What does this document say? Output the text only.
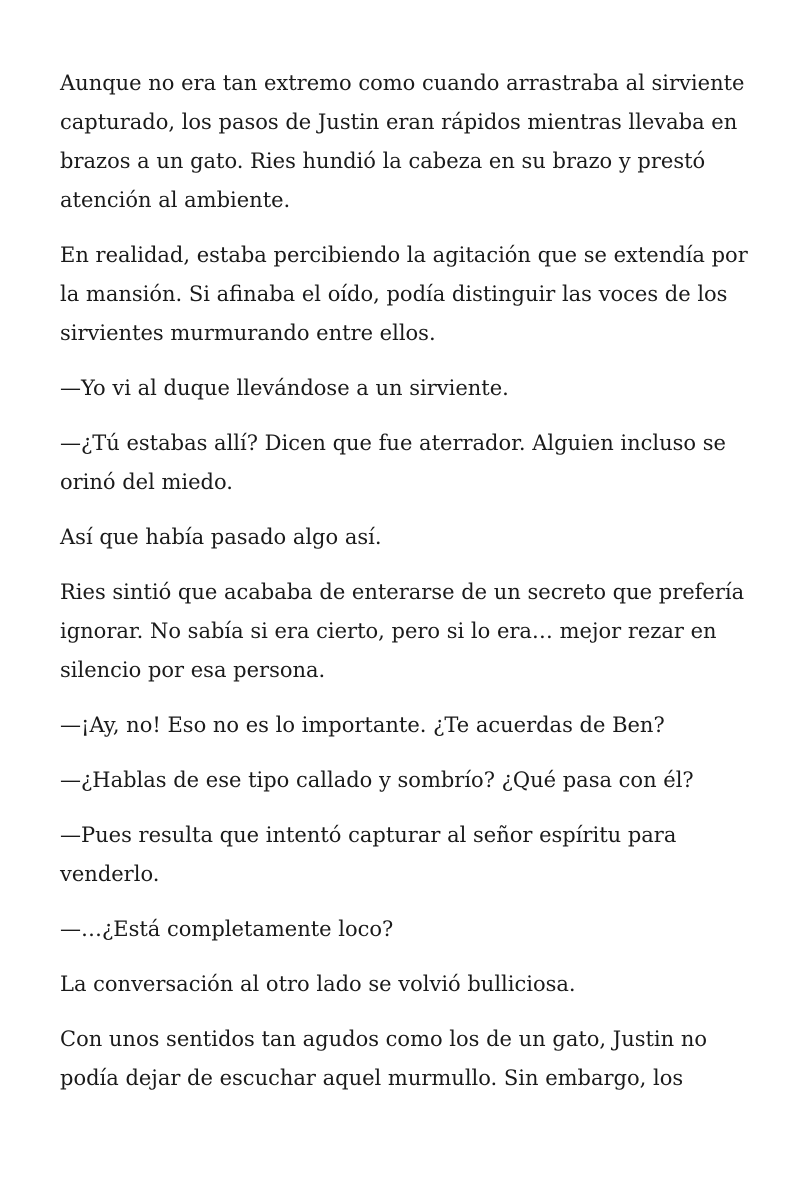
Aunque no era tan extremo como cuando arrastraba al sirviente capturado, los pasos de Justin eran rápidos mientras llevaba en brazos a un gato. Ries hundió la cabeza en su brazo y prestó atención al ambiente.

En realidad, estaba percibiendo la agitación que se extendía por la mansión. Si afinaba el oído, podía distinguir las voces de los sirvientes murmurando entre ellos.

—Yo vi al duque llevándose a un sirviente.

—¿Tú estabas allí? Dicen que fue aterrador. Alguien incluso se orinó del miedo.

Así que había pasado algo así.

Ries sintió que acababa de enterarse de un secreto que prefería ignorar. No sabía si era cierto, pero si lo era… mejor rezar en silencio por esa persona.

—¡Ay, no! Eso no es lo importante. ¿Te acuerdas de Ben?

—¿Hablas de ese tipo callado y sombrío? ¿Qué pasa con él?

—Pues resulta que intentó capturar al señor espíritu para venderlo.

—…¿Está completamente loco?

La conversación al otro lado se volvió bulliciosa.

Con unos sentidos tan agudos como los de un gato, Justin no podía dejar de escuchar aquel murmullo. Sin embargo, los
